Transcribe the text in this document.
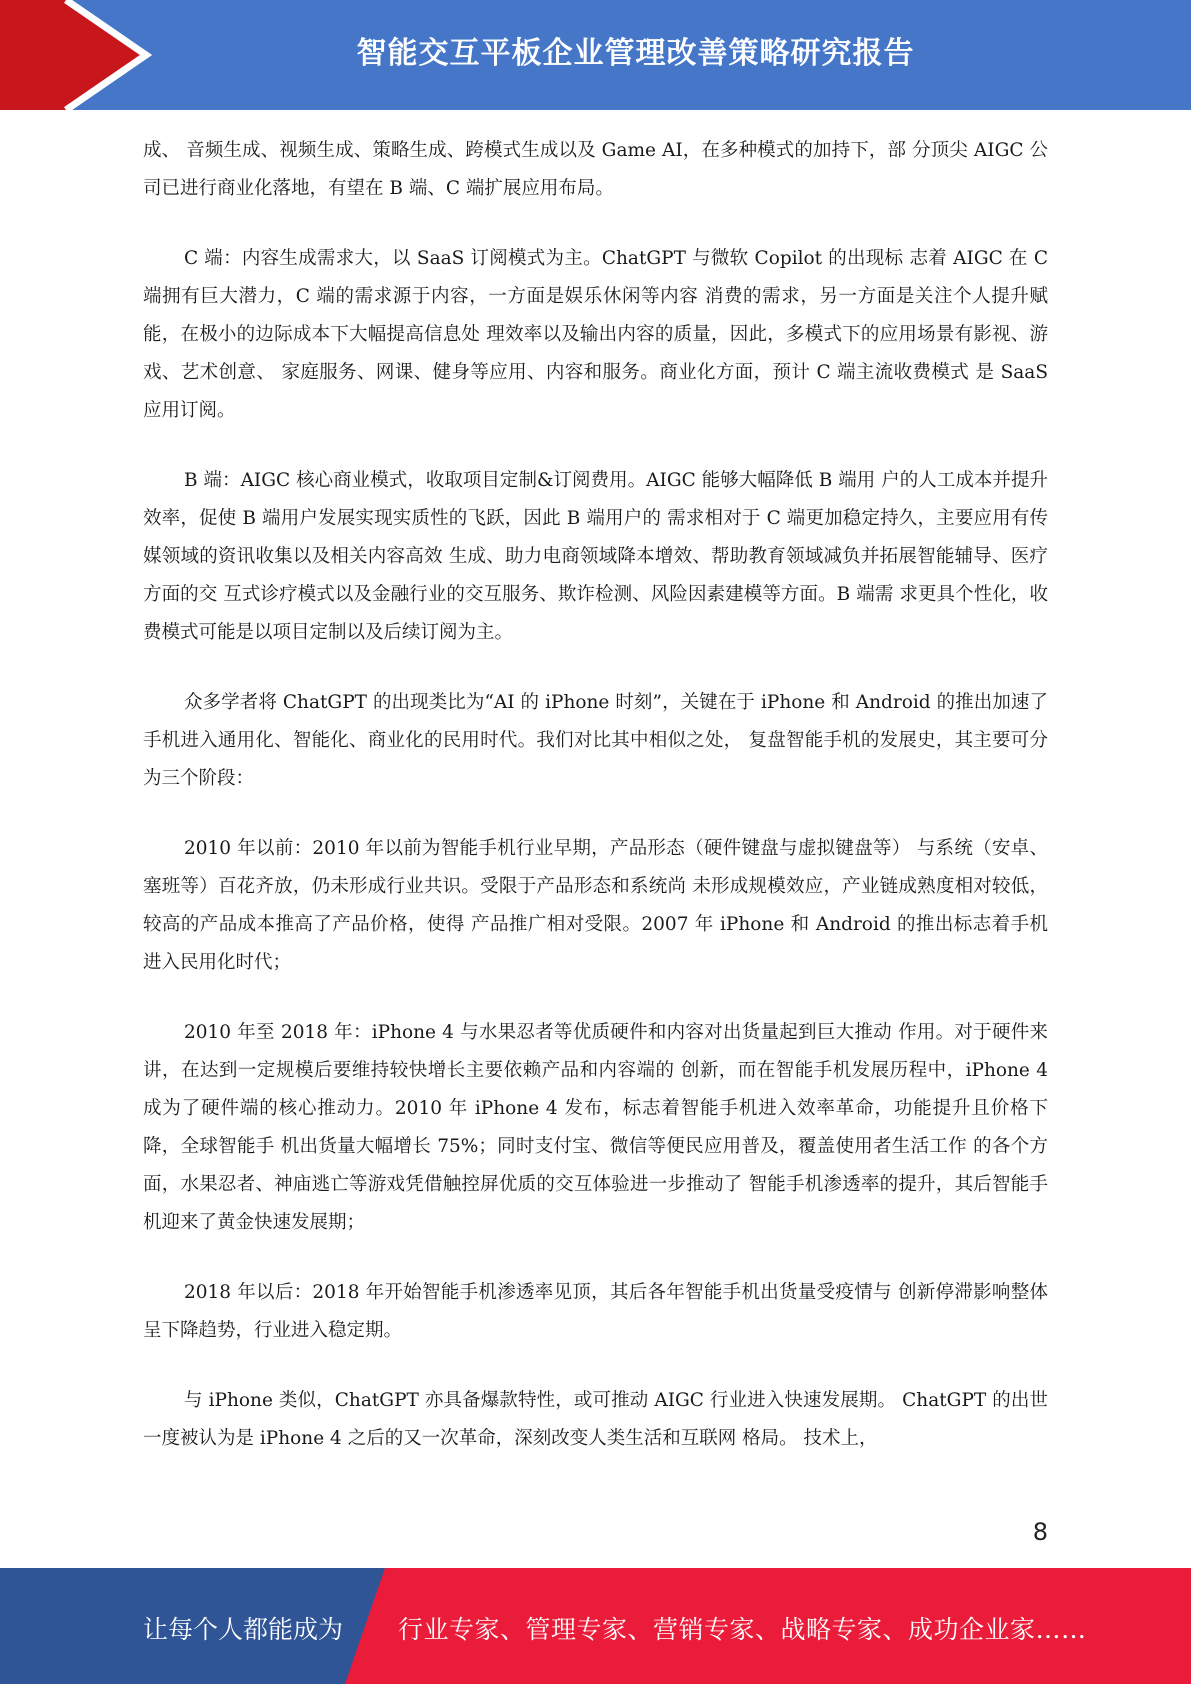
智能交互平板企业管理改善策略研究报告

成、 音频生成、视频生成、策略生成、跨模式生成以及 Game AI，在多种模式的加持下，部 分顶尖 AIGC 公司已进行商业化落地，有望在 B 端、C 端扩展应用布局。

C 端：内容生成需求大，以 SaaS 订阅模式为主。ChatGPT 与微软 Copilot 的出现标 志着 AIGC 在 C 端拥有巨大潜力，C 端的需求源于内容，一方面是娱乐休闲等内容 消费的需求，另一方面是关注个人提升赋能，在极小的边际成本下大幅提高信息处 理效率以及输出内容的质量，因此，多模式下的应用场景有影视、游戏、艺术创意、 家庭服务、网课、健身等应用、内容和服务。商业化方面，预计 C 端主流收费模式 是 SaaS 应用订阅。

B 端：AIGC 核心商业模式，收取项目定制&订阅费用。AIGC 能够大幅降低 B 端用 户的人工成本并提升效率，促使 B 端用户发展实现实质性的飞跃，因此 B 端用户的 需求相对于 C 端更加稳定持久，主要应用有传媒领域的资讯收集以及相关内容高效 生成、助力电商领域降本增效、帮助教育领域减负并拓展智能辅导、医疗方面的交 互式诊疗模式以及金融行业的交互服务、欺诈检测、风险因素建模等方面。B 端需 求更具个性化，收费模式可能是以项目定制以及后续订阅为主。

众多学者将 ChatGPT 的出现类比为“AI 的 iPhone 时刻”，关键在于 iPhone 和 Android 的推出加速了手机进入通用化、智能化、商业化的民用时代。我们对比其中相似之处， 复盘智能手机的发展史，其主要可分为三个阶段：

2010 年以前：2010 年以前为智能手机行业早期，产品形态（硬件键盘与虚拟键盘等） 与系统（安卓、塞班等）百花齐放，仍未形成行业共识。受限于产品形态和系统尚 未形成规模效应，产业链成熟度相对较低，较高的产品成本推高了产品价格，使得 产品推广相对受限。2007 年 iPhone 和 Android 的推出标志着手机进入民用化时代；

2010 年至 2018 年：iPhone 4 与水果忍者等优质硬件和内容对出货量起到巨大推动 作用。对于硬件来讲，在达到一定规模后要维持较快增长主要依赖产品和内容端的 创新，而在智能手机发展历程中，iPhone 4 成为了硬件端的核心推动力。2010 年 iPhone 4 发布，标志着智能手机进入效率革命，功能提升且价格下降，全球智能手 机出货量大幅增长 75%；同时支付宝、微信等便民应用普及，覆盖使用者生活工作 的各个方面，水果忍者、神庙逃亡等游戏凭借触控屏优质的交互体验进一步推动了 智能手机渗透率的提升，其后智能手机迎来了黄金快速发展期；

2018 年以后：2018 年开始智能手机渗透率见顶，其后各年智能手机出货量受疫情与 创新停滞影响整体呈下降趋势，行业进入稳定期。

与 iPhone 类似，ChatGPT 亦具备爆款特性，或可推动 AIGC 行业进入快速发展期。 ChatGPT 的出世一度被认为是 iPhone 4 之后的又一次革命，深刻改变人类生活和互联网 格局。 技术上，

8
让每个人都能成为 行业专家、管理专家、营销专家、战略专家、成功企业家……
